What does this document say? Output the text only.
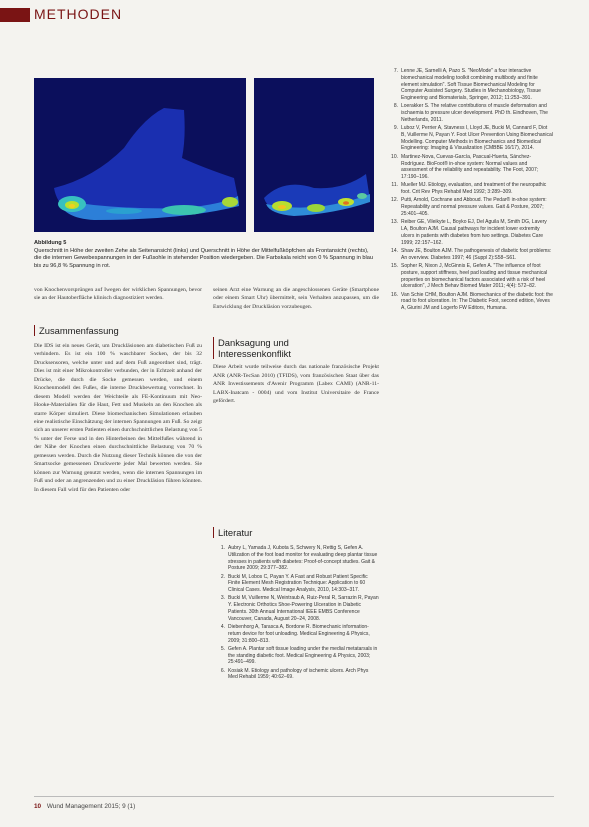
METHODEN
Abbildung 5
Querschnitt in Höhe der zweiten Zehe als Seitenansicht (links) und Querschnitt in Höhe der Mittelfußköpfchen als Frontansicht (rechts), die die internen Gewebespannungen in der Fußsohle in stehender Position wiedergeben. Die Farbskala reicht von 0 % Spannung in blau bis zu 96,8 % Spannung in rot.

von Knochenvorsprüngen auf Iwegen der wirklichen Spannungen, bevor sie an der Hautoberfläche klinisch diagnostiziert werden.

Zusammenfassung

Die IDS ist ein neues Gerät, um Druckläsionen am diabetischen Fuß zu verhindern. Es ist ein 100 % waschbarer Socken, der bis 32 Drucksensoren, welche unter und auf dem Fuß angeordnet sind, trägt. Dies ist mit einer Mikrokontroller verbunden, der in Echtzeit anhand der Drücke, die durch die Socke gemessen werden, und einem Knochenmodell des Fußes, die interne Druckbewertung vorrechnet. In diesem Modell werden der Weichteile als FE-Kontinuum mit Neo-Hooke-Materialien für die Haut, Fett und Muskeln an den Knochen als starre Körper simuliert. Diese biomechanischen Simulationen erlauben eine realistische Einschätzung der internen Spannungen am Fuß. So zeigt sich an unserer ersten Patienten einen durchschnittlichen Belastung von 5 % unter der Ferse und in den Hinterbeinen des Mittelfußes während in der Nähe der Knochen einen durchschnittliche Belastung von 70 % gemessen werden. Durch die Nutzung dieser Technik können die von der Smartsocke gemessenen Druckwerte jeder Mal bewerten werden. Sie können zur Warnung genutzt werden, wenn die internen Spannungen im Fuß und oder an angrenzenden und zu einer Druckläsion führen könnten. In diesem Fall wird für den Patienten oder

seinen Arzt eine Warnung an die angeschlossenen Geräte (Smartphone oder einem Smart Uhr) übermittelt, sein Verhalten anzupassen, um die Entwicklung der Druckläsion vorzubeugen.

Danksagung und
Interessenkonflikt

Diese Arbeit wurde teilweise durch das nationale französische Projekt ANR (ANR-TecSan 2010) (TFIDS), vom französischen Staat über das ANR Investissements d'Avenir Programm (Labex CAMI) (ANR-11-LABX-Inatcam - 0004) und vom Institut Universitaire de France gefördert.

Literatur
1. Aubry L, Yamada J, Kubota S, Schwery N, Rettig S, Gefen A. Utilization of the foot load monitor for evaluating deep plantar tissue stresses in patients with diabetes: Proof-of-concept studies. Gait & Posture 2009; 29:377–382.
2. Bucki M, Lobos C, Payan Y. A Fast and Robust Patient Specific Finite Element Mesh Registration Technique: Application to 60 Clinical Cases. Medical Image Analysis, 2010, 14:303–317.
3. Bucki M, Vuillerme N, Weintraub A, Ruiz-Peral R, Sarrazin R, Payan Y. Electronic Orthotics Shoe-Powering Ulceration in Diabetic Patients. 30th Annual International IEEE EMBS Conference Vancouver, Canada, August 20–24, 2008.
4. Diebenhorg A, Tarasca A, Bordone R. Biomechanic information-return device for foot unloading. Medical Engineering & Physics, 2009; 31:800–813.
5. Gefen A. Plantar soft tissue loading under the medial metatarsals in the standing diabetic foot. Medical Engineering & Physics, 2003; 25:491–499.
6. Kosiak M. Etiology and pathology of ischemic ulcers. Arch Phys Med Rehabil 1959; 40:62–69.
7. Lenne JE, Sarnelli A, Pazo S. "NeoMode" a four interactive biomechanical modeling toolkit combining multibody and finite element simulation". Soft Tissue Biomechanical Modeling for Computer Assisted Surgery. Studies in Mechanobiology, Tissue Engineering and Biomaterials, Springer, 2012; 11:253–391.
8. Loerakker S. The relative contributions of muscle deformation and ischaemia to pressure ulcer development. PhD th. Eindhoven, The Netherlands, 2011.
9. Luboz V, Perrier A, Stavness I, Lloyd JE, Bucki M, Cannard F, Diot B, Vuillerme N, Payan Y. Foot Ulcer Prevention Using Biomechanical Modelling. Computer Methods in Biomechanics and Biomedical Engineering: Imaging & Visualization (CMBBE 16/17), 2014.
10. Martinez-Nova, Cuevas-García, Pascual-Huerta, Sánchez-Rodríguez. BioFoot® in-shoe system: Normal values and assessment of the reliability and repeatability. The Foot, 2007; 17:190–196.
11. Mueller MJ. Etiology, evaluation, and treatment of the neuropathic foot. Crit Rev Phys Rehabil Med 1992; 3:289–309.
12. Putti, Arnold, Cochrane and Abboud. The Pedar® in-shoe system: Repeatability and normal pressure values. Gait & Posture, 2007; 25:401–405.
13. Reiber GE, Vileikyte L, Boyko EJ, Del Aguila M, Smith DG, Lavery LA, Boulton AJM. Causal pathways for incident lower extremity ulcers in patients with diabetes from two settings. Diabetes Care 1999; 22:157–162.
14. Shaw JE, Boulton AJM. The pathogenesis of diabetic foot problems: An overview. Diabetes 1997; 46 (Suppl 2):S58–S61.
15. Sopher R, Nixon J, McGinnis E, Gefen A. "The influence of foot posture, support stiffness, heel pad loading and tissue mechanical properties on biomechanical factors associated with a risk of heel ulceration", J Mech Behav Biomed Mater 2011; 4(4): 572–82.
16. Van Schie CHM, Boulton AJM. Biomechanics of the diabetic foot: the road to foot ulceration. In: The Diabetic Foot, second edition, Veves A, Giurini JM and Logerfo FW Editors, Humana.
10 Wund Management 2015; 9 (1)
